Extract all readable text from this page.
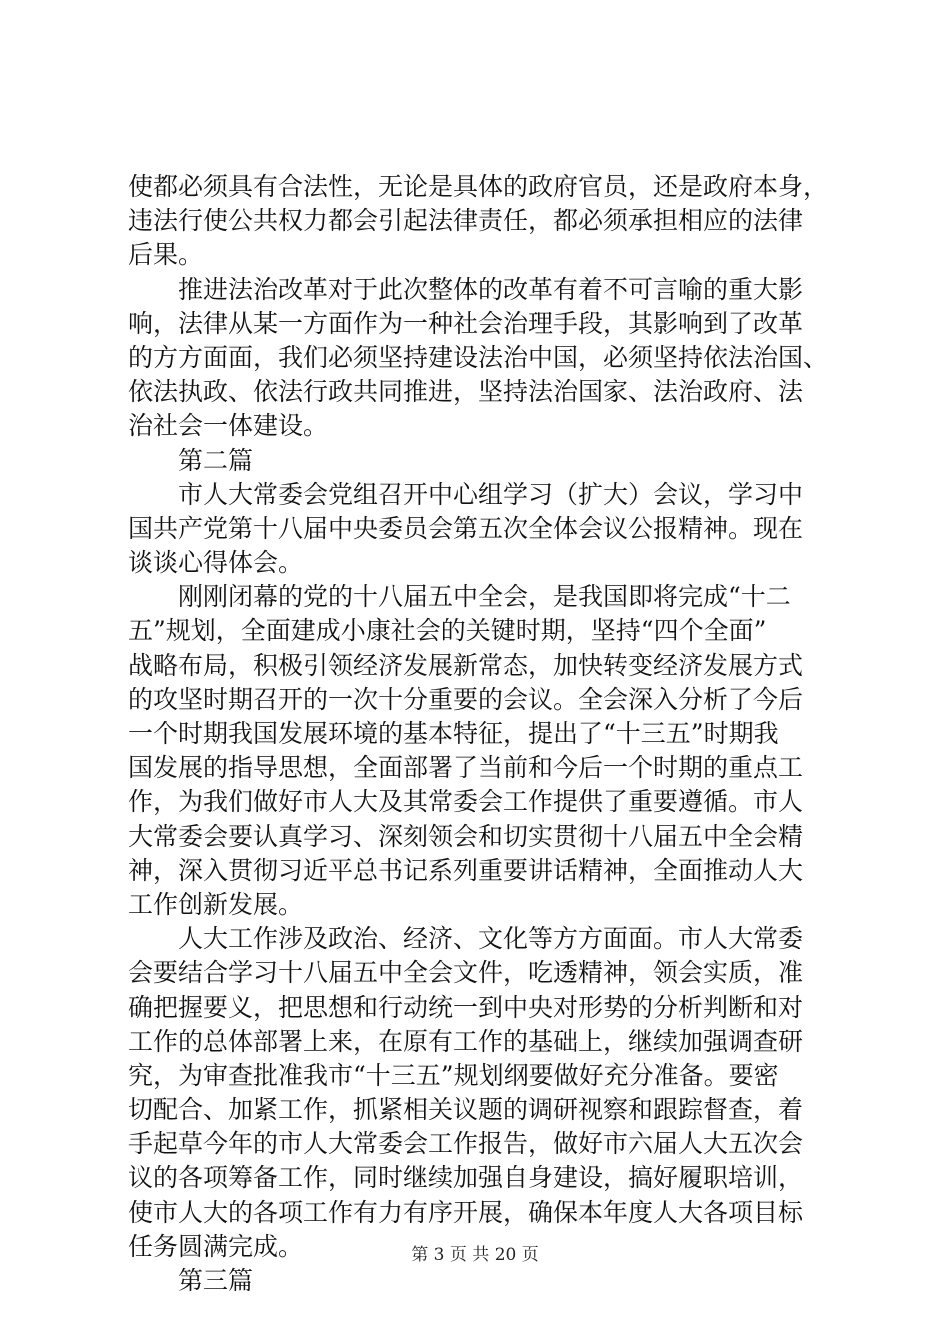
使都必须具有合法性，无论是具体的政府官员，还是政府本身，
违法行使公共权力都会引起法律责任，都必须承担相应的法律
后果。
推进法治改革对于此次整体的改革有着不可言喻的重大影
响，法律从某一方面作为一种社会治理手段，其影响到了改革
的方方面面，我们必须坚持建设法治中国，必须坚持依法治国、
依法执政、依法行政共同推进，坚持法治国家、法治政府、法
治社会一体建设。
第二篇
市人大常委会党组召开中心组学习（扩大）会议，学习中
国共产党第十八届中央委员会第五次全体会议公报精神。现在
谈谈心得体会。
刚刚闭幕的党的十八届五中全会，是我国即将完成“十二
五”规划，全面建成小康社会的关键时期，坚持“四个全面”
战略布局，积极引领经济发展新常态，加快转变经济发展方式
的攻坚时期召开的一次十分重要的会议。全会深入分析了今后
一个时期我国发展环境的基本特征，提出了“十三五”时期我
国发展的指导思想，全面部署了当前和今后一个时期的重点工
作，为我们做好市人大及其常委会工作提供了重要遵循。市人
大常委会要认真学习、深刻领会和切实贯彻十八届五中全会精
神，深入贯彻习近平总书记系列重要讲话精神，全面推动人大
工作创新发展。
人大工作涉及政治、经济、文化等方方面面。市人大常委
会要结合学习十八届五中全会文件，吃透精神，领会实质，准
确把握要义，把思想和行动统一到中央对形势的分析判断和对
工作的总体部署上来，在原有工作的基础上，继续加强调查研
究，为审查批准我市“十三五”规划纲要做好充分准备。要密
切配合、加紧工作，抓紧相关议题的调研视察和跟踪督查，着
手起草今年的市人大常委会工作报告，做好市六届人大五次会
议的各项筹备工作，同时继续加强自身建设，搞好履职培训，
使市人大的各项工作有力有序开展，确保本年度人大各项目标
任务圆满完成。
第三篇
第 3 页 共 20 页
